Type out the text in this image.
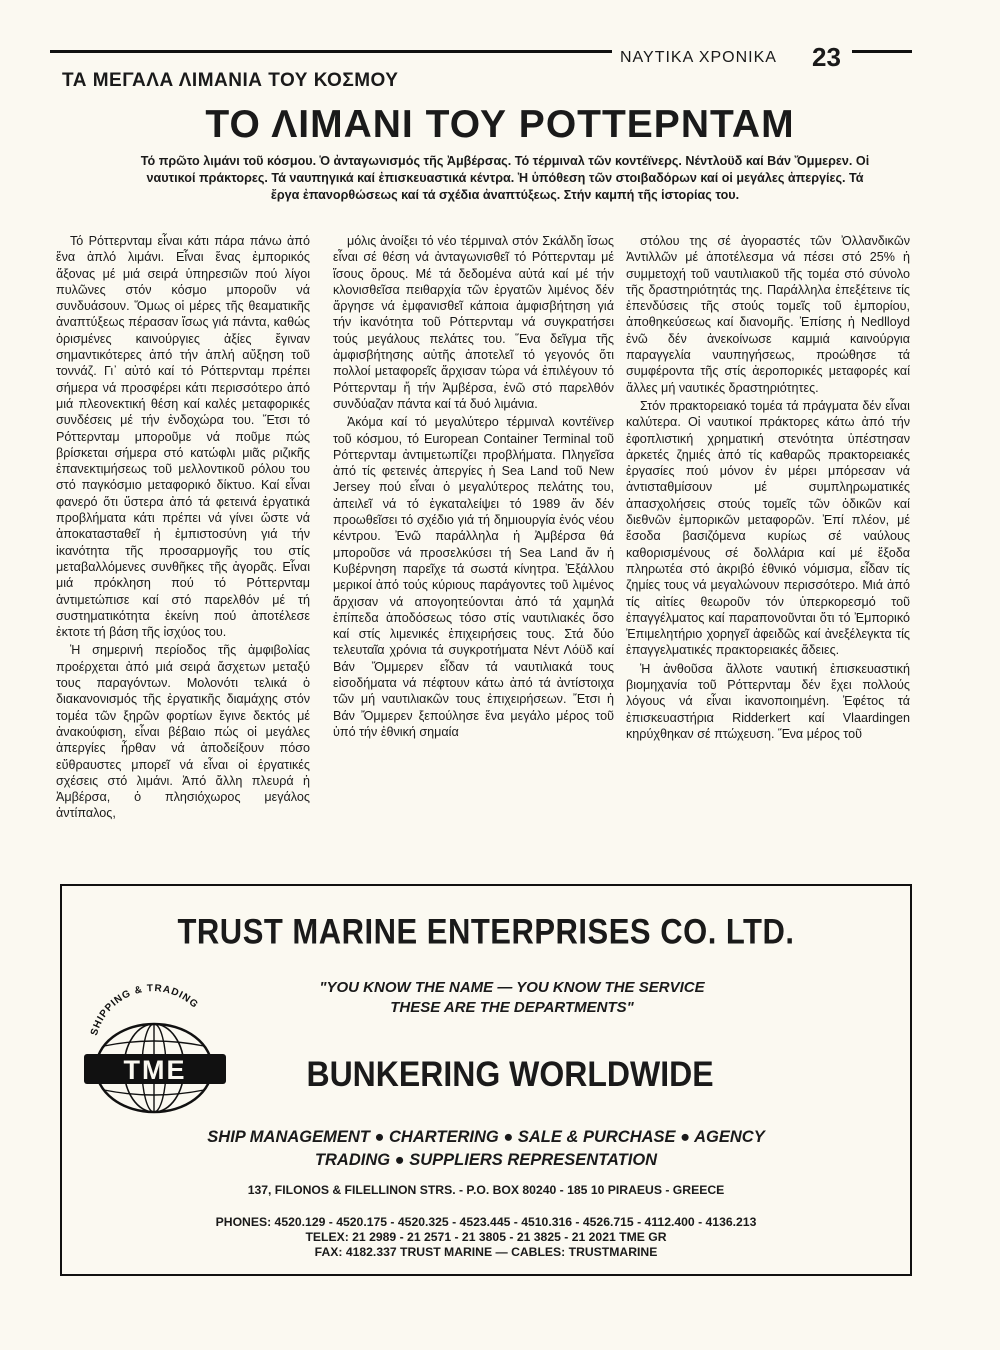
ΝΑΥΤΙΚΑ ΧΡΟΝΙΚΑ 23
ΤΑ ΜΕΓΑΛΑ ΛΙΜΑΝΙΑ ΤΟΥ ΚΟΣΜΟΥ
ΤΟ ΛΙΜΑΝΙ ΤΟΥ ΡΟΤΤΕΡΝΤΑΜ
Τό πρῶτο λιμάνι τοῦ κόσμου. Ὁ ἀνταγωνισμός τῆς Ἀμβέρσας. Τό τέρμιναλ τῶν κοντέϊνερς. Νέντλοϋδ καί Βάν Ὄμμερεν. Οἱ ναυτικοί πράκτορες. Τά ναυπηγικά καί ἐπισκευαστικά κέντρα. Ἡ ὑπόθεση τῶν στοιβαδόρων καί οἱ μεγάλες ἀπεργίες. Τά ἔργα ἐπανορθώσεως καί τά σχέδια ἀναπτύξεως. Στήν καμπή τῆς ἱστορίας του.

Τό Ρόττερνταμ εἶναι κάτι πάρα πάνω ἀπό ἕνα ἁπλό λιμάνι. Εἶναι ἕνας ἐμπορικός ἄξονας μέ μιά σειρά ὑπηρεσιῶν πού λίγοι πυλῶνες στόν κόσμο μποροῦν νά συνδυάσουν. Ὅμως οἱ μέρες τῆς θεαματικῆς ἀναπτύξεως πέρασαν ἴσως γιά πάντα, καθώς ὁρισμένες καινούργιες ἀξίες ἔγιναν σημαντικότερες ἀπό τήν ἁπλή αὔξηση τοῦ τοννάζ. Γι᾽ αὐτό καί τό Ρόττερνταμ πρέπει σήμερα νά προσφέρει κάτι περισσότερο ἀπό μιά πλεονεκτική θέση καί καλές μεταφορικές συνδέσεις μέ τήν ἐνδοχώρα του. Ἔτσι τό Ρόττερνταμ μποροῦμε νά ποῦμε πώς βρίσκεται σήμερα στό κατώφλι μιᾶς ριζικῆς ἐπανεκτιμήσεως τοῦ μελλοντικοῦ ρόλου του στό παγκόσμιο μεταφορικό δίκτυο. Καί εἶναι φανερό ὅτι ὕστερα ἀπό τά φετεινά ἐργατικά προβλήματα κάτι πρέπει νά γίνει ὥστε νά ἀποκατασταθεῖ ἡ ἐμπιστοσύνη γιά τήν ἱκανότητα τῆς προσαρμογῆς του στίς μεταβαλλόμενες συνθῆκες τῆς ἀγορᾶς. Εἶναι μιά πρόκληση πού τό Ρόττερνταμ ἀντιμετώπισε καί στό παρελθόν μέ τή συστηματικότητα ἐκείνη πού ἀποτέλεσε ἐκτοτε τή βάση τῆς ἰσχύος του.

Ἡ σημερινή περίοδος τῆς ἀμφιβολίας προέρχεται ἀπό μιά σειρά ἄσχετων μεταξύ τους παραγόντων. Μολονότι τελικά ὁ διακανονισμός τῆς ἐργατικῆς διαμάχης στόν τομέα τῶν ξηρῶν φορτίων ἔγινε δεκτός μέ ἀνακούφιση, εἶναι βέβαιο πώς οἱ μεγάλες ἀπεργίες ἦρθαν νά ἀποδείξουν πόσο εὔθραυστες μπορεῖ νά εἶναι οἱ ἐργατικές σχέσεις στό λιμάνι. Ἀπό ἄλλη πλευρά ἡ Ἀμβέρσα, ὁ πλησιόχωρος μεγάλος ἀντίπαλος,

μόλις ἀνοίξει τό νέο τέρμιναλ στόν Σκάλδη ἴσως εἶναι σέ θέση νά ἀνταγωνισθεῖ τό Ρόττερνταμ μέ ἴσους ὅρους. Μέ τά δεδομένα αὐτά καί μέ τήν κλονισθεῖσα πειθαρχία τῶν ἐργατῶν λιμένος δέν ἄργησε νά ἐμφανισθεῖ κάποια ἀμφισβήτηση γιά τήν ἱκανότητα τοῦ Ρόττερνταμ νά συγκρατήσει τούς μεγάλους πελάτες του. Ἕνα δεῖγμα τῆς ἀμφισβήτησης αὐτῆς ἀποτελεῖ τό γεγονός ὅτι πολλοί μεταφορεῖς ἄρχισαν τώρα νά ἐπιλέγουν τό Ρόττερνταμ ἤ τήν Ἀμβέρσα, ἐνῶ στό παρελθόν συνδύαζαν πάντα καί τά δυό λιμάνια.

Ἀκόμα καί τό μεγαλύτερο τέρμιναλ κοντέϊνερ τοῦ κόσμου, τό European Container Terminal τοῦ Ρόττερνταμ ἀντιμετωπίζει προβλήματα. Πληγεῖσα ἀπό τίς φετεινές ἀπεργίες ἡ Sea Land τοῦ New Jersey πού εἶναι ὁ μεγαλύτερος πελάτης του, ἀπειλεῖ νά τό ἐγκαταλείψει τό 1989 ἄν δέν προωθεῖσει τό σχέδιο γιά τή δημιουργία ἑνός νέου κέντρου. Ἐνῶ παράλληλα ἡ Ἀμβέρσα θά μποροῦσε νά προσελκύσει τή Sea Land ἄν ἡ Κυβέρνηση παρεῖχε τά σωστά κίνητρα. Ἐξάλλου μερικοί ἀπό τούς κύριους παράγοντες τοῦ λιμένος ἄρχισαν νά απογοητεύονται ἀπό τά χαμηλά ἐπίπεδα ἀποδόσεως τόσο στίς ναυτιλιακές ὅσο καί στίς λιμενικές ἐπιχειρήσεις τους. Στά δύο τελευταῖα χρόνια τά συγκροτήματα Νέντ Λόϋδ καί Βάν Ὄμμερεν εἶδαν τά ναυτιλιακά τους εἰσοδήματα νά πέφτουν κάτω ἀπό τά ἀντίστοιχα τῶν μή ναυτιλιακῶν τους ἐπιχειρήσεων. Ἔτσι ἡ Βάν Ὄμμερεν ξεπούλησε ἕνα μεγάλο μέρος τοῦ ὑπό τήν ἐθνική σημαία

στόλου της σέ ἀγοραστές τῶν Ὀλλανδικῶν Ἀντιλλῶν μέ ἀποτέλεσμα νά πέσει στό 25% ἡ συμμετοχή τοῦ ναυτιλιακοῦ τῆς τομέα στό σύνολο τῆς δραστηριότητάς της. Παράλληλα ἐπεξέτεινε τίς ἐπενδύσεις τῆς στούς τομεῖς τοῦ ἐμπορίου, ἀποθηκεύσεως καί διανομῆς. Ἐπίσης ἡ Nedlloyd ἐνῶ δέν ἀνεκοίνωσε καμμιά καινούργια παραγγελία ναυπηγήσεως, προώθησε τά συμφέροντα τῆς στίς ἀεροπορικές μεταφορές καί ἄλλες μή ναυτικές δραστηριότητες.

Στόν πρακτορειακό τομέα τά πράγματα δέν εἶναι καλύτερα. Οἱ ναυτικοί πράκτορες κάτω ἀπό τήν ἐφοπλιστική χρηματική στενότητα ὑπέστησαν ἀρκετές ζημιές ἀπό τίς καθαρῶς πρακτορειακές ἐργασίες πού μόνον ἐν μέρει μπόρεσαν νά ἀντισταθμίσουν μέ συμπληρωματικές ἀπασχολήσεις στούς τομεῖς τῶν ὁδικῶν καί διεθνῶν ἐμπορικῶν μεταφορῶν. Ἐπί πλέον, μέ ἔσοδα βασιζόμενα κυρίως σέ ναύλους καθορισμένους σέ δολλάρια καί μέ ἔξοδα πληρωτέα στό ἀκριβό ἐθνικό νόμισμα, εἶδαν τίς ζημίες τους νά μεγαλώνουν περισσότερο. Μιά ἀπό τίς αἰτίες θεωροῦν τόν ὑπερκορεσμό τοῦ ἐπαγγέλματος καί παραπονοῦνται ὅτι τό Ἐμπορικό Ἐπιμελητήριο χορηγεῖ ἀφειδῶς καί ἀνεξέλεγκτα τίς ἐπαγγελματικές πρακτορειακές ἄδειες.

Ἡ ἀνθοῦσα ἄλλοτε ναυτική ἐπισκευαστική βιομηχανία τοῦ Ρόττερνταμ δέν ἔχει πολλούς λόγους νά εἶναι ἱκανοποιημένη. Ἐφέτος τά ἐπισκευαστήρια Ridderkert καί Vlaardingen κηρύχθηκαν σέ πτώχευση. Ἕνα μέρος τοῦ

TRUST MARINE ENTERPRISES CO. LTD.
"YOU KNOW THE NAME — YOU KNOW THE SERVICE
THESE ARE THE DEPARTMENTS"
SHIPPING & TRADING
TME	BUNKERING WORLDWIDE
SHIP MANAGEMENT ● CHARTERING ● SALE & PURCHASE ● AGENCY
TRADING ● SUPPLIERS REPRESENTATION
137, FILONOS & FILELLINON STRS. - P.O. BOX 80240 - 185 10 PIRAEUS - GREECE
PHONES: 4520.129 - 4520.175 - 4520.325 - 4523.445 - 4510.316 - 4526.715 - 4112.400 - 4136.213
TELEX: 21 2989 - 21 2571 - 21 3805 - 21 3825 - 21 2021 TME GR
FAX: 4182.337 TRUST MARINE — CABLES: TRUSTMARINE
